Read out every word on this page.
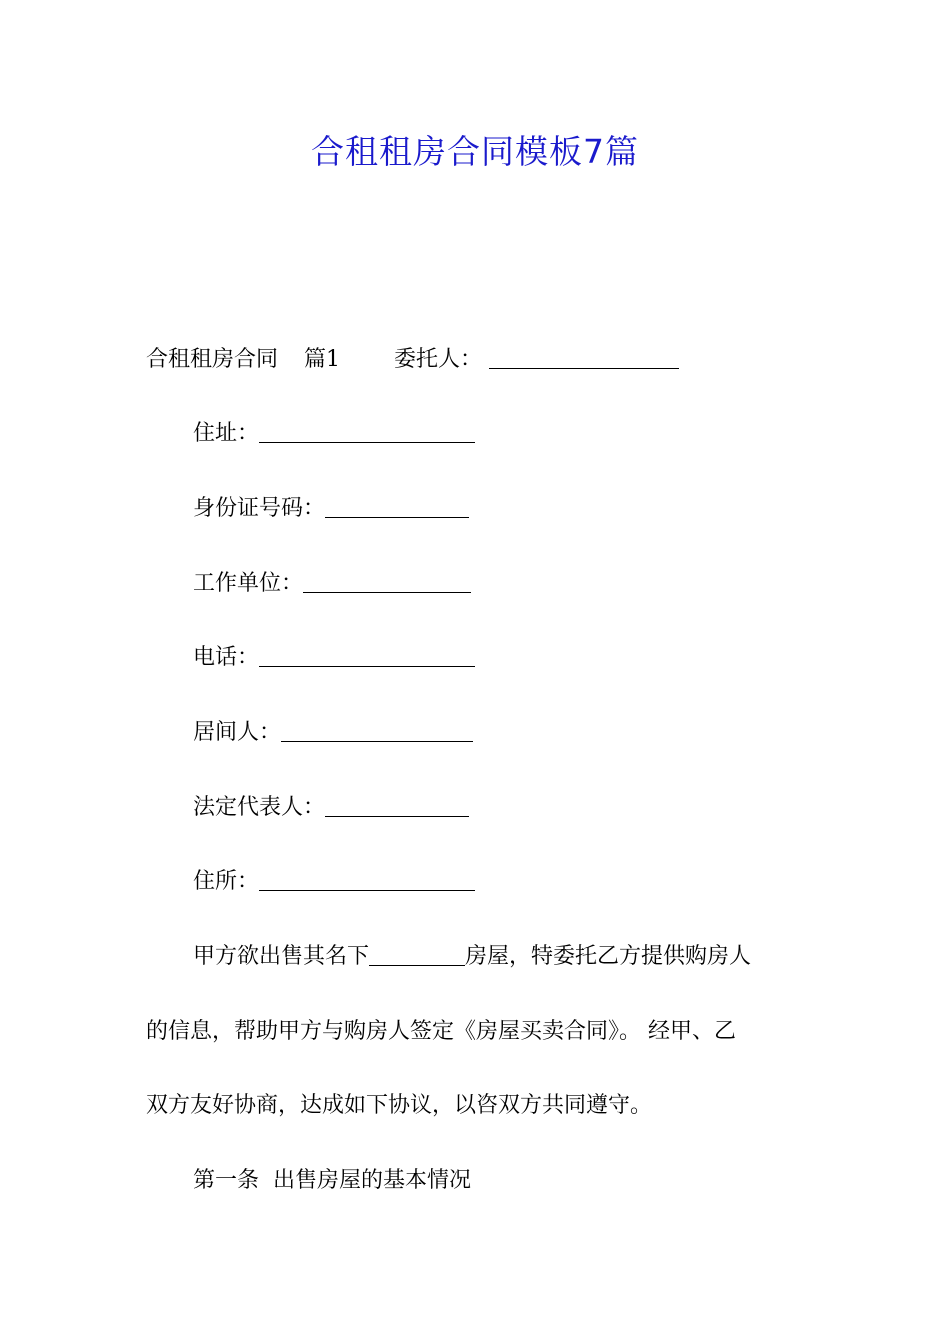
合租租房合同模板7篇
合租租房合同 篇1 委托人：
住址：
身份证号码：
工作单位：
电话：
居间人：
法定代表人：
住所：
甲方欲出售其名下	房屋，特委托乙方提供购房人
的信息，帮助甲方与购房人签定《房屋买卖合同》。 经甲、乙
双方友好协商，达成如下协议，以咨双方共同遵守。
第一条  出售房屋的基本情况
